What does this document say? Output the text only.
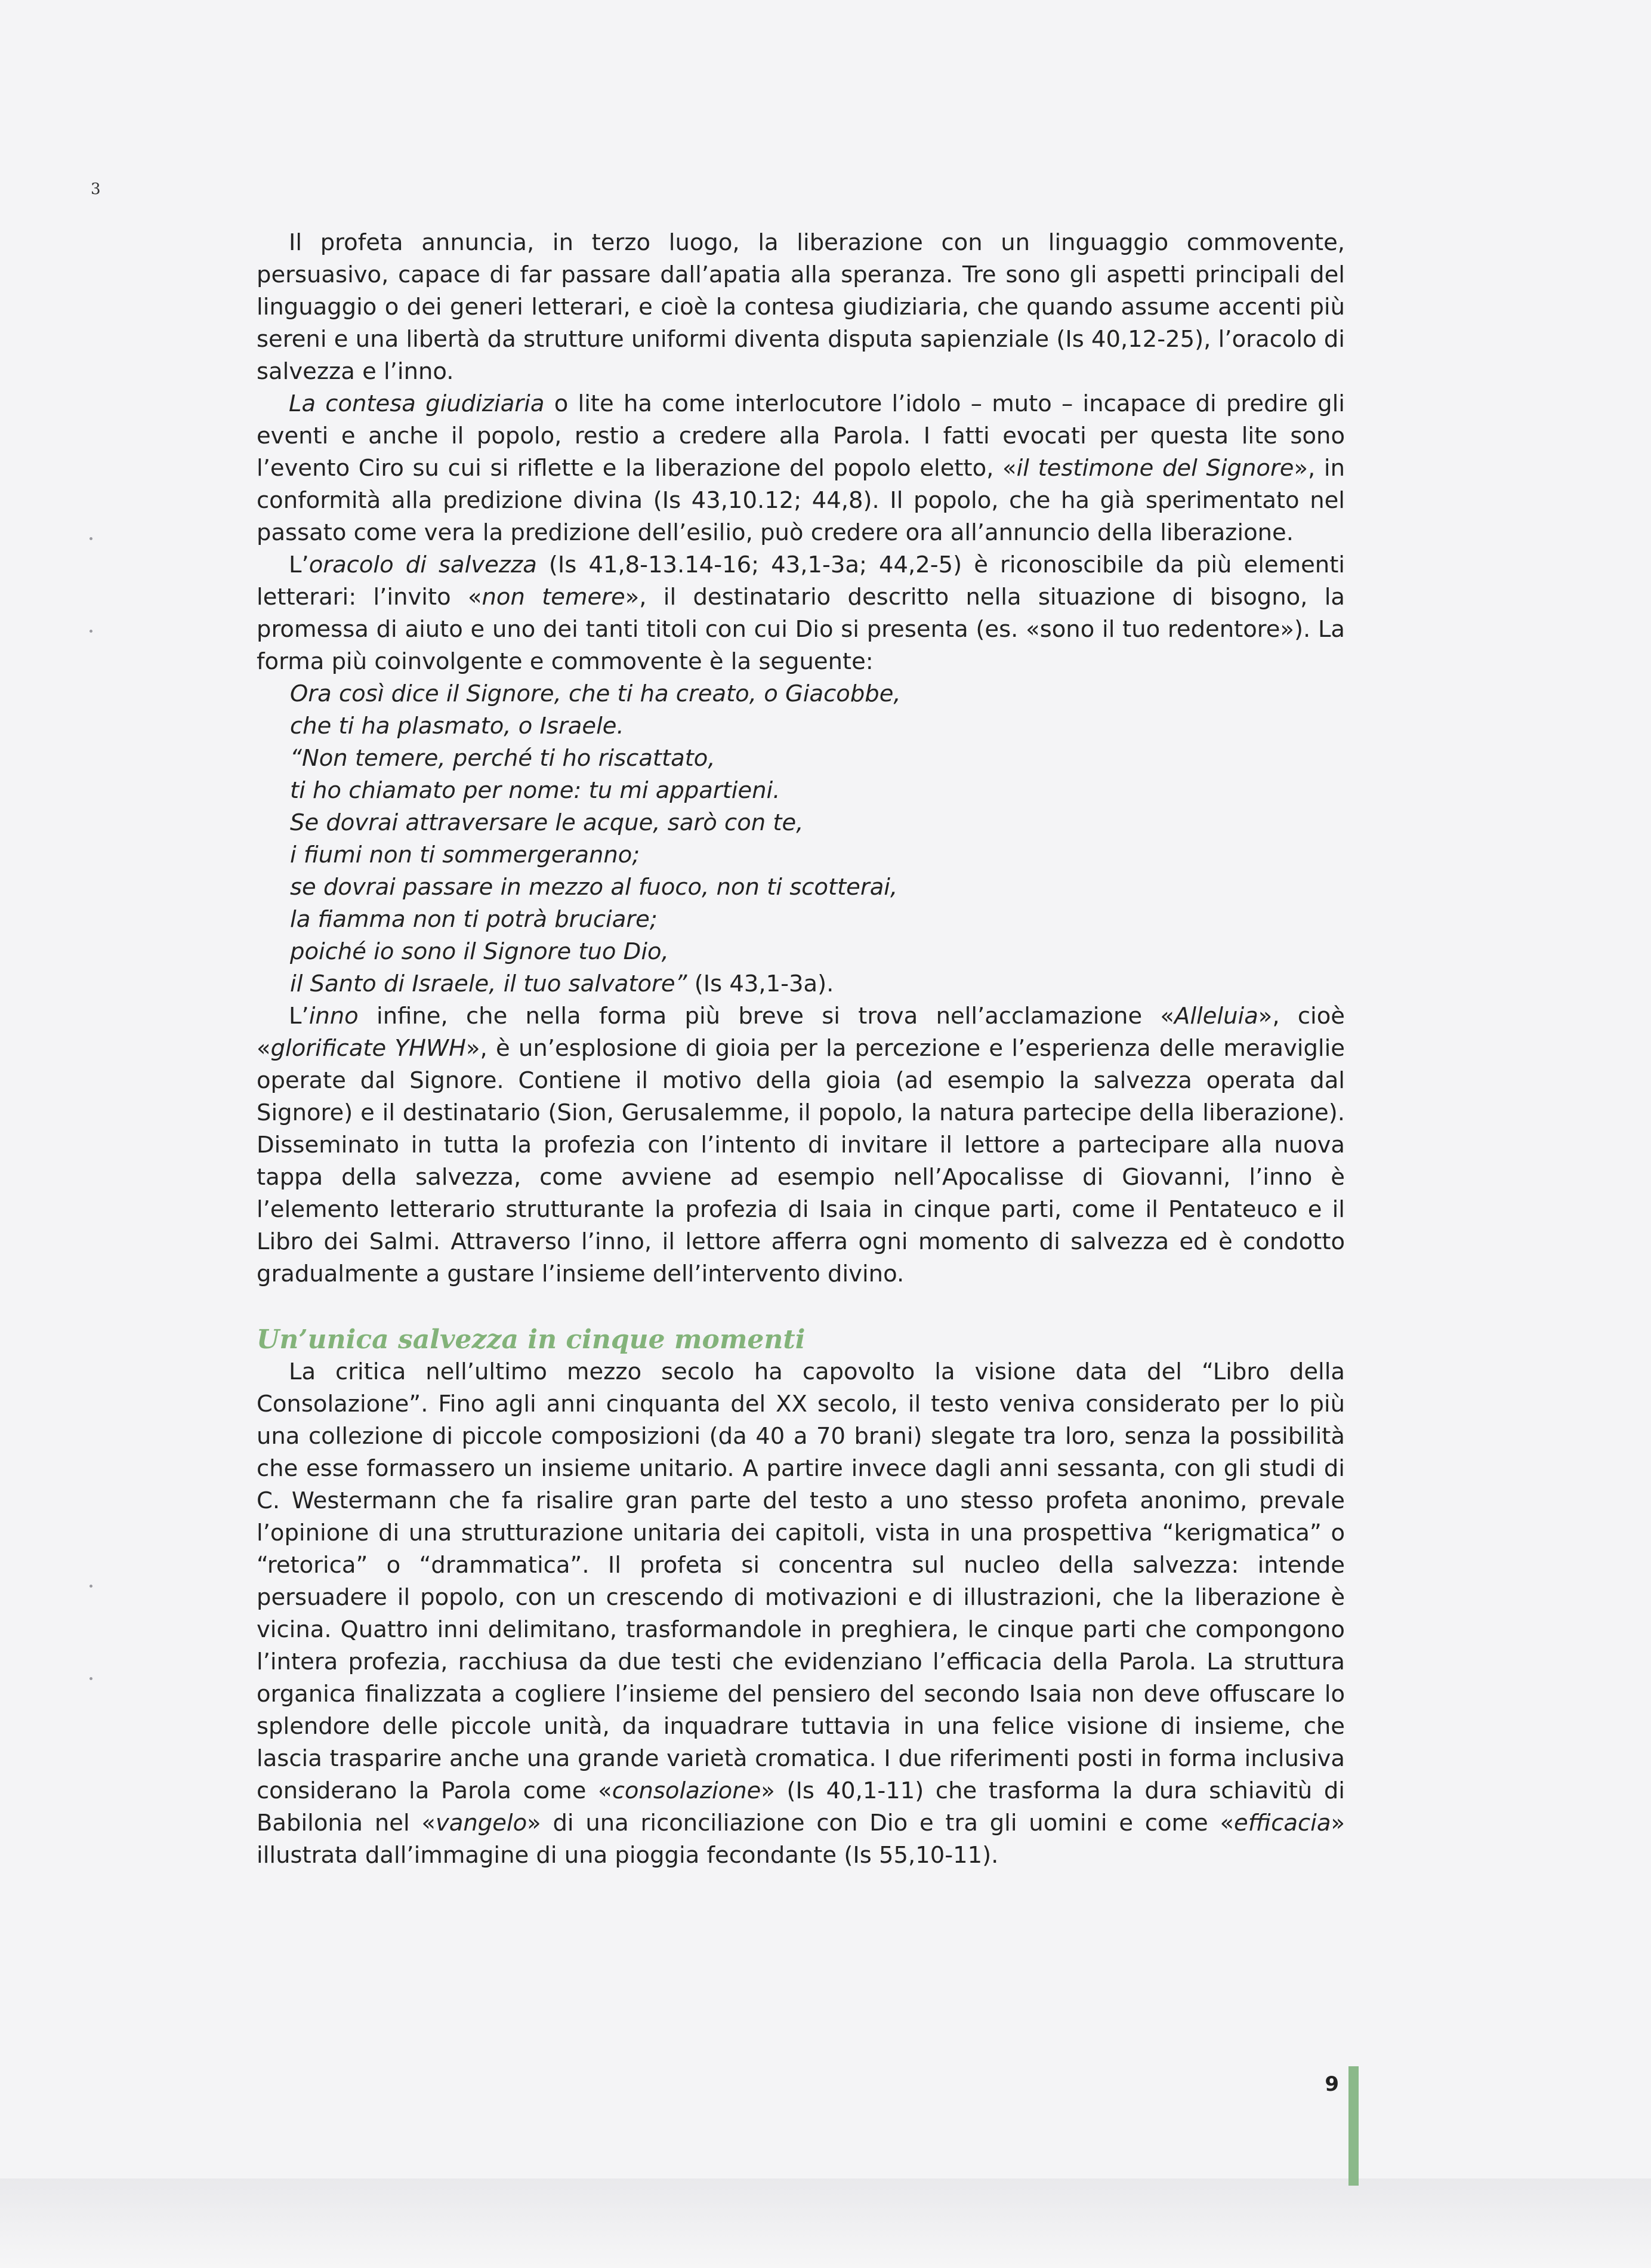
3

Il profeta annuncia, in terzo luogo, la liberazione con un linguaggio commovente, persuasivo, capace di far passare dall’apatia alla speranza. Tre sono gli aspetti principali del linguaggio o dei generi letterari, e cioè la contesa giudiziaria, che quando assume accenti più sereni e una libertà da strutture uniformi diventa disputa sapienziale (Is 40,12-25), l’oracolo di salvezza e l’inno.

La contesa giudiziaria o lite ha come interlocutore l’idolo – muto – incapace di predire gli eventi e anche il popolo, restio a credere alla Parola. I fatti evocati per questa lite sono l’evento Ciro su cui si riflette e la liberazione del popolo eletto, «il testimone del Signore», in conformità alla predizione divina (Is 43,10.12; 44,8). Il popolo, che ha già sperimentato nel passato come vera la predizione dell’esilio, può credere ora all’annuncio della liberazione.

L’oracolo di salvezza (Is 41,8-13.14-16; 43,1-3a; 44,2-5) è riconoscibile da più elementi letterari: l’invito «non temere», il destinatario descritto nella situazione di bisogno, la promessa di aiuto e uno dei tanti titoli con cui Dio si presenta (es. «sono il tuo redentore»). La forma più coinvolgente e commovente è la seguente:

Ora così dice il Signore, che ti ha creato, o Giacobbe,
che ti ha plasmato, o Israele.
“Non temere, perché ti ho riscattato,
ti ho chiamato per nome: tu mi appartieni.
Se dovrai attraversare le acque, sarò con te,
i fiumi non ti sommergeranno;
se dovrai passare in mezzo al fuoco, non ti scotterai,
la fiamma non ti potrà bruciare;
poiché io sono il Signore tuo Dio,
il Santo di Israele, il tuo salvatore” (Is 43,1-3a).

L’inno infine, che nella forma più breve si trova nell’acclamazione «Alleluia», cioè «glorificate YHWH», è un’esplosione di gioia per la percezione e l’esperienza delle meraviglie operate dal Signore. Contiene il motivo della gioia (ad esempio la salvezza operata dal Signore) e il destinatario (Sion, Gerusalemme, il popolo, la natura partecipe della liberazione). Disseminato in tutta la profezia con l’intento di invitare il lettore a partecipare alla nuova tappa della salvezza, come avviene ad esempio nell’Apocalisse di Giovanni, l’inno è l’elemento letterario strutturante la profezia di Isaia in cinque parti, come il Pentateuco e il Libro dei Salmi. Attraverso l’inno, il lettore afferra ogni momento di salvezza ed è condotto gradualmente a gustare l’insieme dell’intervento divino.

Un’unica salvezza in cinque momenti

La critica nell’ultimo mezzo secolo ha capovolto la visione data del “Libro della Consolazione”. Fino agli anni cinquanta del XX secolo, il testo veniva considerato per lo più una collezione di piccole composizioni (da 40 a 70 brani) slegate tra loro, senza la possibilità che esse formassero un insieme unitario. A partire invece dagli anni sessanta, con gli studi di C. Westermann che fa risalire gran parte del testo a uno stesso profeta anonimo, prevale l’opinione di una strutturazione unitaria dei capitoli, vista in una prospettiva “kerigmatica” o “retorica” o “drammatica”. Il profeta si concentra sul nucleo della salvezza: intende persuadere il popolo, con un crescendo di motivazioni e di illustrazioni, che la liberazione è vicina. Quattro inni delimitano, trasformandole in preghiera, le cinque parti che compongono l’intera profezia, racchiusa da due testi che evidenziano l’efficacia della Parola. La struttura organica finalizzata a cogliere l’insieme del pensiero del secondo Isaia non deve offuscare lo splendore delle piccole unità, da inquadrare tuttavia in una felice visione di insieme, che lascia trasparire anche una grande varietà cromatica. I due riferimenti posti in forma inclusiva considerano la Parola come «consolazione» (Is 40,1-11) che trasforma la dura schiavitù di Babilonia nel «vangelo» di una riconciliazione con Dio e tra gli uomini e come «efficacia» illustrata dall’immagine di una pioggia fecondante (Is 55,10-11).

9
